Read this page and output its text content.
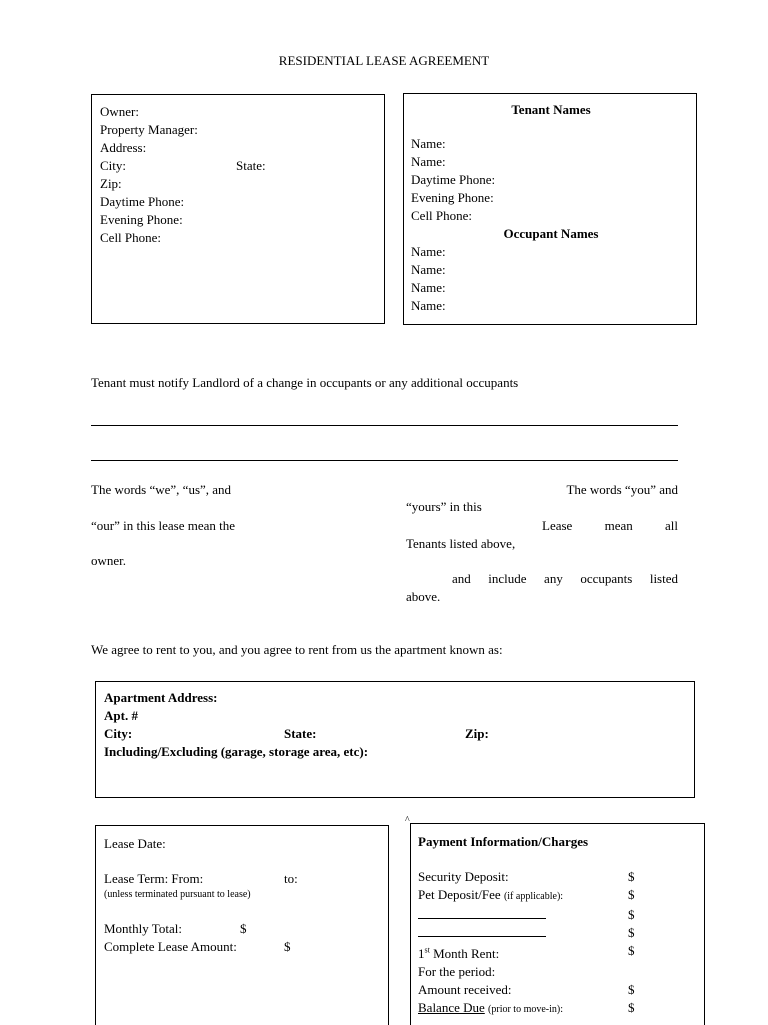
RESIDENTIAL LEASE AGREEMENT
Owner:
Property Manager:
Address:
City:	State:
Zip:
Daytime Phone:
Evening Phone:
Cell Phone:
Tenant Names
Name:
Name:
Daytime Phone:
Evening Phone:
Cell Phone:
Occupant Names
Name:
Name:
Name:
Name:
Tenant must notify Landlord of a change in occupants or any additional occupants
The words “we”, “us”, and
“our” in this lease mean the
owner.
The words “you” and
“yours” in this
Lease mean all
Tenants listed above,
and include any occupants listed
above.
We agree to rent to you, and you agree to rent from us the apartment known as:
Apartment Address:
Apt. #
City:	State:	Zip:
Including/Excluding (garage, storage area, etc):
^
Lease Date:
Lease Term: From:	to:
(unless terminated pursuant to lease)
Monthly Total:	$
Complete Lease Amount:	$
Payment Information/Charges
Security Deposit:	$
Pet Deposit/Fee (if applicable):	$
$
$
1st Month Rent:	$
For the period:
Amount received:	$
Balance Due (prior to move-in):	$
